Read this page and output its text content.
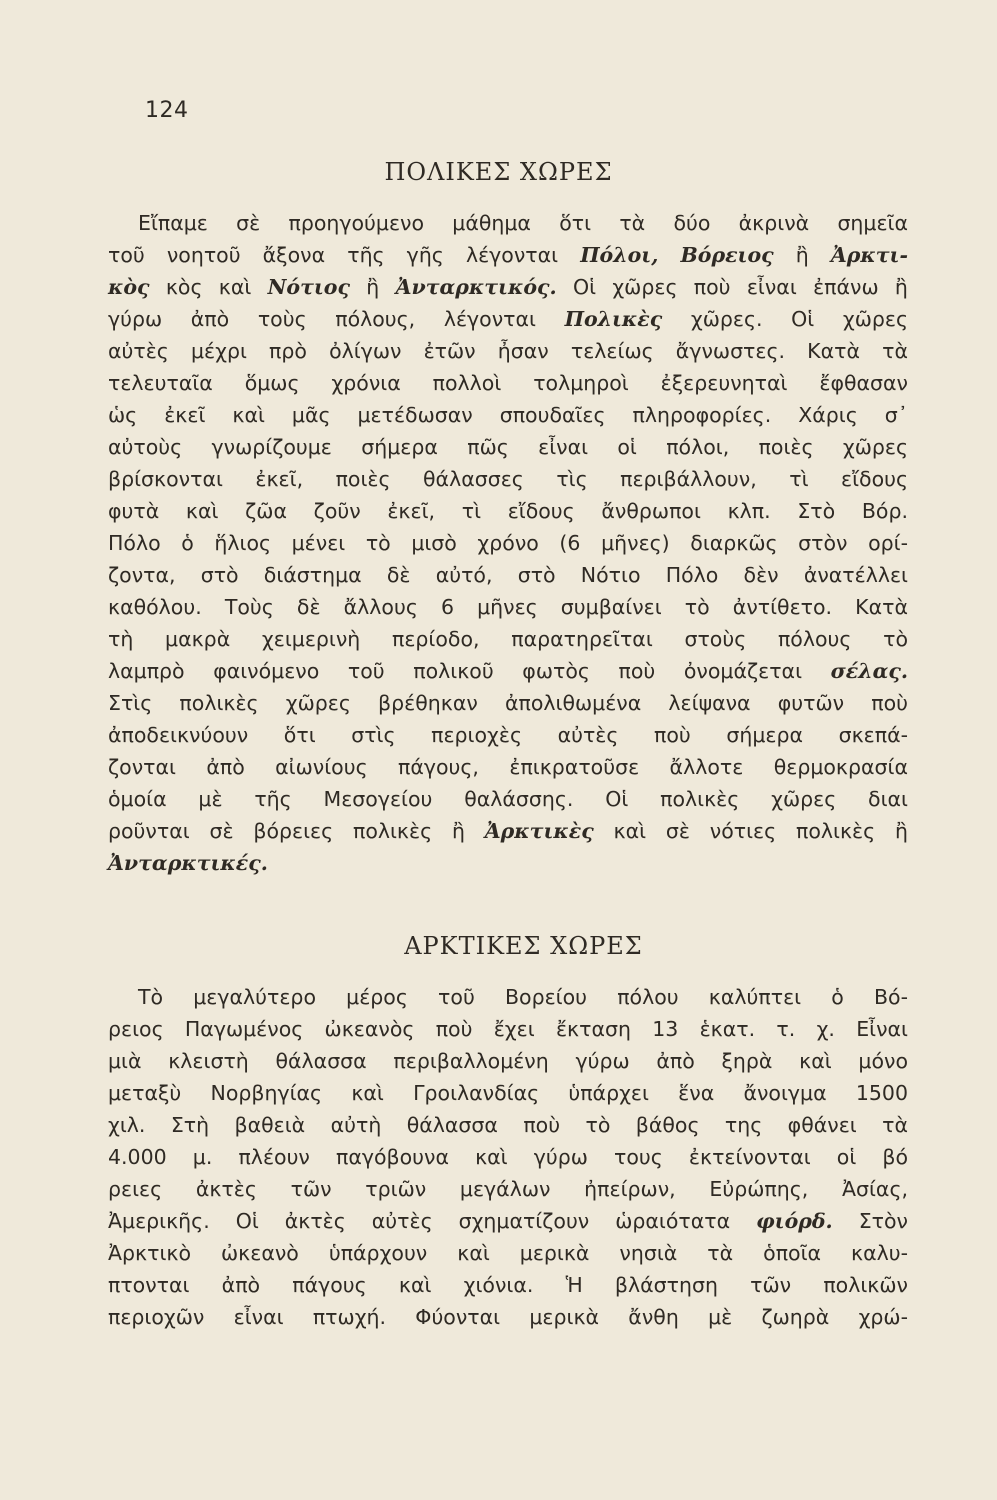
124
ΠΟΛΙΚΕΣ ΧΩΡΕΣ
Εἴπαμε σὲ προηγούμενο μάθημα ὅτι τὰ δύο ἀκρινὰ σημεῖα
τοῦ νοητοῦ ἄξονα τῆς γῆς λέγονται Πόλοι, Βόρειος ἢ Ἀρκτι-
κὸς κὸς καὶ Νότιος ἢ Ἀνταρκτικός. Οἱ χῶρες ποὺ εἶναι ἐπάνω ἢ
γύρω ἀπὸ τοὺς πόλους, λέγονται Πολικὲς χῶρες. Οἱ χῶρες
αὐτὲς μέχρι πρὸ ὀλίγων ἐτῶν ἦσαν τελείως ἄγνωστες. Κατὰ τὰ
τελευταῖα ὅμως χρόνια πολλοὶ τολμηροὶ ἐξερευνηταὶ ἔφθασαν
ὡς ἐκεῖ καὶ μᾶς μετέδωσαν σπουδαῖες πληροφορίες. Χάρις σ᾽
αὐτοὺς γνωρίζουμε σήμερα πῶς εἶναι οἱ πόλοι, ποιὲς χῶρες
βρίσκονται ἐκεῖ, ποιὲς θάλασσες τὶς περιβάλλουν, τὶ εἴδους
φυτὰ καὶ ζῶα ζοῦν ἐκεῖ, τὶ εἴδους ἄνθρωποι κλπ. Στὸ Βόρ.
Πόλο ὁ ἥλιος μένει τὸ μισὸ χρόνο (6 μῆνες) διαρκῶς στὸν ορί-
ζοντα, στὸ διάστημα δὲ αὐτό, στὸ Νότιο Πόλο δὲν ἀνατέλλει
καθόλου. Τοὺς δὲ ἄλλους 6 μῆνες συμβαίνει τὸ ἀντίθετο. Κατὰ
τὴ μακρὰ χειμερινὴ περίοδο, παρατηρεῖται στοὺς πόλους τὸ
λαμπρὸ φαινόμενο τοῦ πολικοῦ φωτὸς ποὺ ὀνομάζεται σέλας.
Στὶς πολικὲς χῶρες βρέθηκαν ἀπολιθωμένα λείψανα φυτῶν ποὺ
ἀποδεικνύουν ὅτι στὶς περιοχὲς αὐτὲς ποὺ σήμερα σκεπά-
ζονται ἀπὸ αἰωνίους πάγους, ἐπικρατοῦσε ἄλλοτε θερμοκρασία
ὁμοία μὲ τῆς Μεσογείου θαλάσσης. Οἱ πολικὲς χῶρες διαι
ροῦνται σὲ βόρειες πολικὲς ἢ Ἀρκτικὲς καὶ σὲ νότιες πολικὲς ἢ
Ἀνταρκτικές.
ΑΡΚΤΙΚΕΣ ΧΩΡΕΣ
Τὸ μεγαλύτερο μέρος τοῦ Βορείου πόλου καλύπτει ὁ Βό-
ρειος Παγωμένος ὠκεανὸς ποὺ ἔχει ἔκταση 13 ἑκατ. τ. χ. Εἶναι
μιὰ κλειστὴ θάλασσα περιβαλλομένη γύρω ἀπὸ ξηρὰ καὶ μόνο
μεταξὺ Νορβηγίας καὶ Γροιλανδίας ὑπάρχει ἕνα ἄνοιγμα 1500
χιλ. Στὴ βαθειὰ αὐτὴ θάλασσα ποὺ τὸ βάθος της φθάνει τὰ
4.000 μ. πλέουν παγόβουνα καὶ γύρω τους ἐκτείνονται οἱ βό
ρειες ἀκτὲς τῶν τριῶν μεγάλων ἠπείρων, Εὐρώπης, Ἀσίας,
Ἀμερικῆς. Οἱ ἀκτὲς αὐτὲς σχηματίζουν ὡραιότατα φιόρδ. Στὸν
Ἀρκτικὸ ὠκεανὸ ὑπάρχουν καὶ μερικὰ νησιὰ τὰ ὁποῖα καλυ-
πτονται ἀπὸ πάγους καὶ χιόνια. Ἡ βλάστηση τῶν πολικῶν
περιοχῶν εἶναι πτωχή. Φύονται μερικὰ ἄνθη μὲ ζωηρὰ χρώ-
